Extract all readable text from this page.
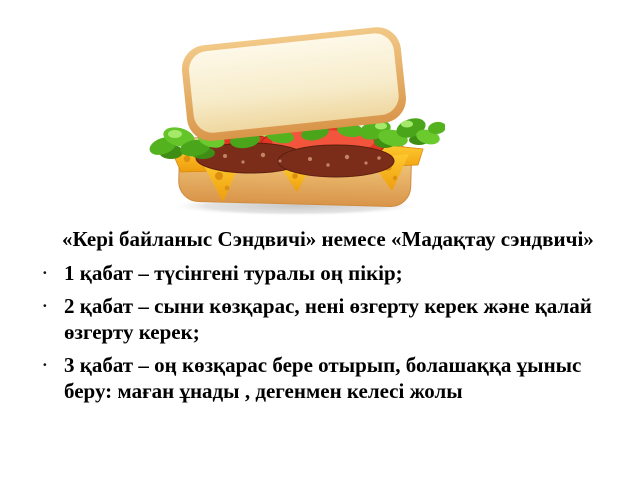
«Кері байланыс Сэндвичі» немесе «Мадақтау сэндвичі»
· 1 қабат – түсінгені туралы оң пікір;
· 2 қабат – сыни көзқарас, нені өзгерту керек және қалай өзгерту керек;
· 3 қабат – оң көзқарас бере отырып, болашаққа ұыныс беру: маған ұнады , дегенмен келесі жолы
